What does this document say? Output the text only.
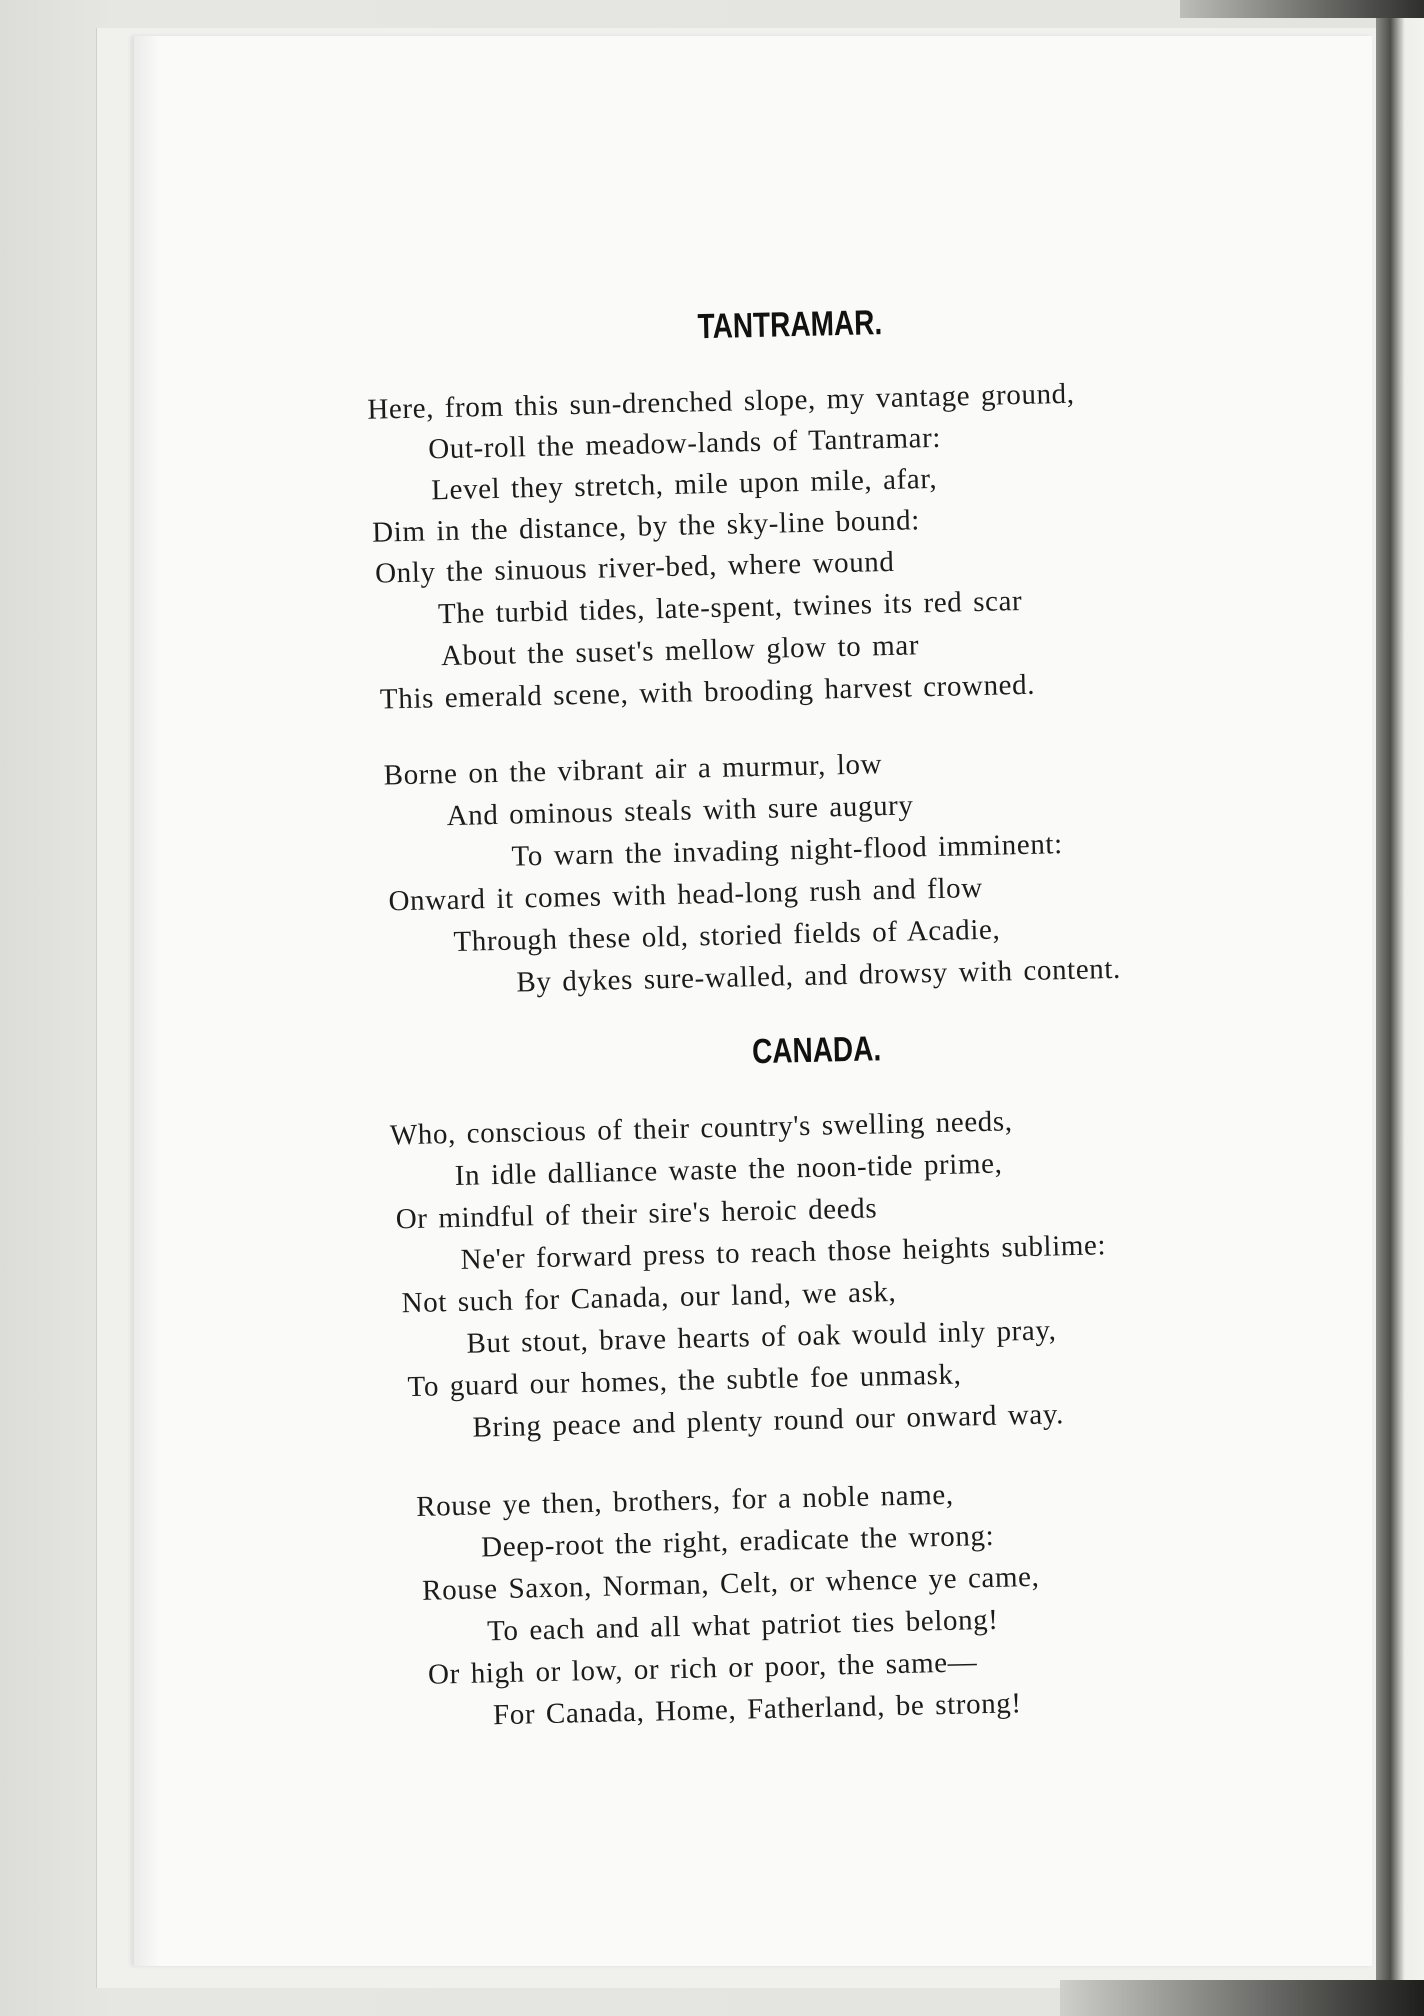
TANTRAMAR.
Here, from this sun-drenched slope, my vantage ground,
Out-roll the meadow-lands of Tantramar:
Level they stretch, mile upon mile, afar,
Dim in the distance, by the sky-line bound:
Only the sinuous river-bed, where wound
The turbid tides, late-spent, twines its red scar
About the suset's mellow glow to mar
This emerald scene, with brooding harvest crowned.
Borne on the vibrant air a murmur, low
And ominous steals with sure augury
To warn the invading night-flood imminent:
Onward it comes with head-long rush and flow
Through these old, storied fields of Acadie,
By dykes sure-walled, and drowsy with content.
CANADA.
Who, conscious of their country's swelling needs,
In idle dalliance waste the noon-tide prime,
Or mindful of their sire's heroic deeds
Ne'er forward press to reach those heights sublime:
Not such for Canada, our land, we ask,
But stout, brave hearts of oak would inly pray,
To guard our homes, the subtle foe unmask,
Bring peace and plenty round our onward way.
Rouse ye then, brothers, for a noble name,
Deep-root the right, eradicate the wrong:
Rouse Saxon, Norman, Celt, or whence ye came,
To each and all what patriot ties belong!
Or high or low, or rich or poor, the same—
For Canada, Home, Fatherland, be strong!
